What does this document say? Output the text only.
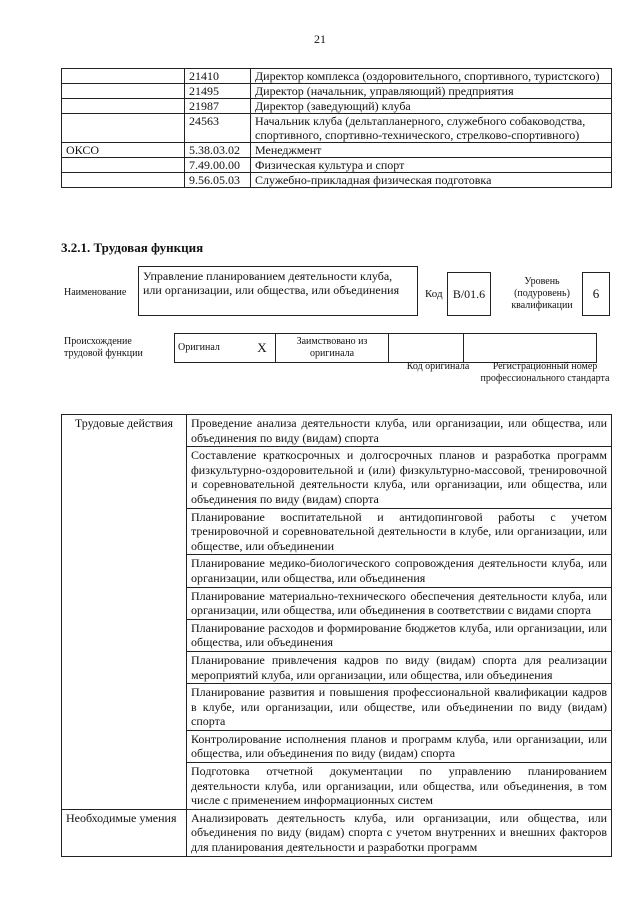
21
	21410	Директор комплекса (оздоровительного, спортивного, туристского)
	21495	Директор (начальник, управляющий) предприятия
	21987	Директор (заведующий) клуба
	24563	Начальник клуба (дельтапланерного, служебного собаководства, спортивного, спортивно-технического, стрелково-спортивного)
ОКСО	5.38.03.02	Менеджмент
	7.49.00.00	Физическая культура и спорт
	9.56.05.03	Служебно-прикладная физическая подготовка
3.2.1. Трудовая функция
Наименование
Управление планированием деятельности клуба, или организации, или общества, или объединения	Код B/01.6
Уровень (подуровень) квалификации
6
Происхождение трудовой функции
Оригинал	X	Заимствовано из оригинала		
Код оригинала	Регистрационный номер профессионального стандарта
Трудовые действия	Проведение анализа деятельности клуба, или организации, или общества, или объединения по виду (видам) спорта
	Составление краткосрочных и долгосрочных планов и разработка программ физкультурно-оздоровительной и (или) физкультурно-массовой, тренировочной и соревновательной деятельности клуба, или организации, или общества, или объединения по виду (видам) спорта
	Планирование воспитательной и антидопинговой работы с учетом тренировочной и соревновательной деятельности в клубе, или организации, или обществе, или объединении
	Планирование медико-биологического сопровождения деятельности клуба, или организации, или общества, или объединения
	Планирование материально-технического обеспечения деятельности клуба, или организации, или общества, или объединения в соответствии с видами спорта
	Планирование расходов и формирование бюджетов клуба, или организации, или общества, или объединения
	Планирование привлечения кадров по виду (видам) спорта для реализации мероприятий клуба, или организации, или общества, или объединения
	Планирование развития и повышения профессиональной квалификации кадров в клубе, или организации, или обществе, или объединении по виду (видам) спорта
	Контролирование исполнения планов и программ клуба, или организации, или общества, или объединения по виду (видам) спорта
	Подготовка отчетной документации по управлению планированием деятельности клуба, или организации, или общества, или объединения, в том числе с применением информационных систем
Необходимые умения	Анализировать деятельность клуба, или организации, или общества, или объединения по виду (видам) спорта с учетом внутренних и внешних факторов для планирования деятельности и разработки программ
